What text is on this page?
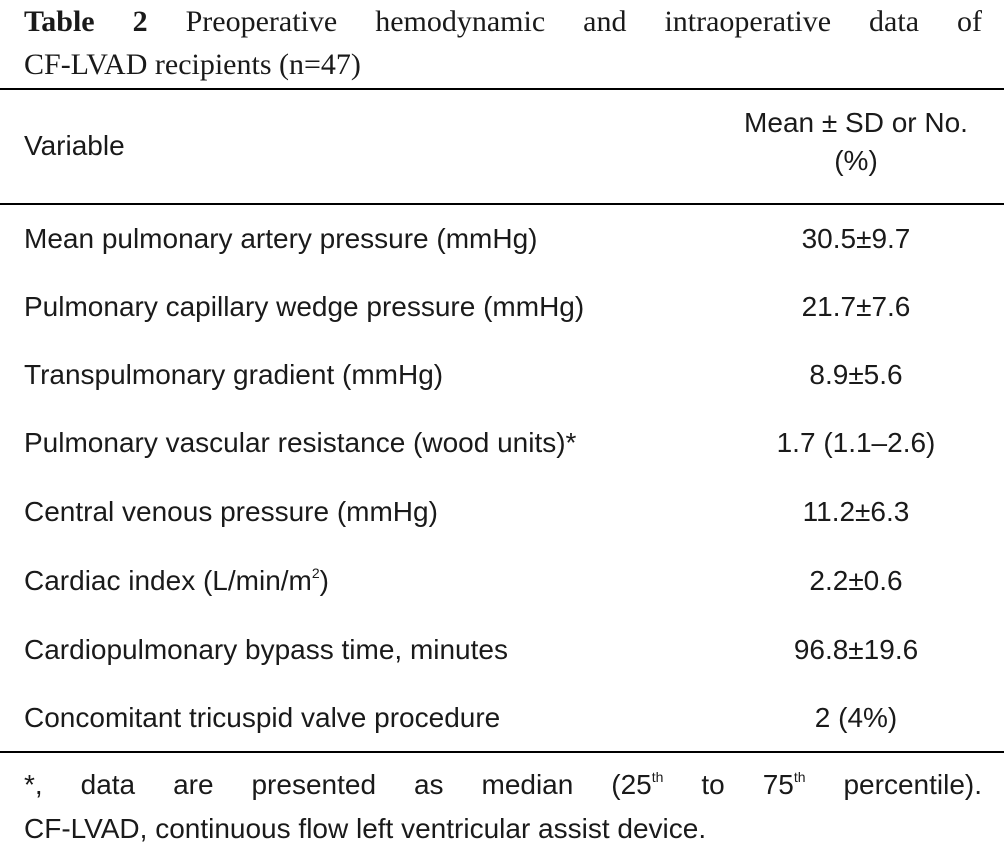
Table 2 Preoperative hemodynamic and intraoperative data of
CF-LVAD recipients (n=47)
Variable
Mean ± SD or No.
(%)
Mean pulmonary artery pressure (mmHg)	30.5±9.7
Pulmonary capillary wedge pressure (mmHg)	21.7±7.6
Transpulmonary gradient (mmHg)	8.9±5.6
Pulmonary vascular resistance (wood units)*	1.7 (1.1–2.6)
Central venous pressure (mmHg)	11.2±6.3
Cardiac index $(L/\min/m^2)$	2.2±0.6
Cardiopulmonary bypass time, minutes	96.8±19.6
Concomitant tricuspid valve procedure	2 (4%)
*, data are presented as median (25th to 75th percentile).
CF-LVAD, continuous flow left ventricular assist device.
